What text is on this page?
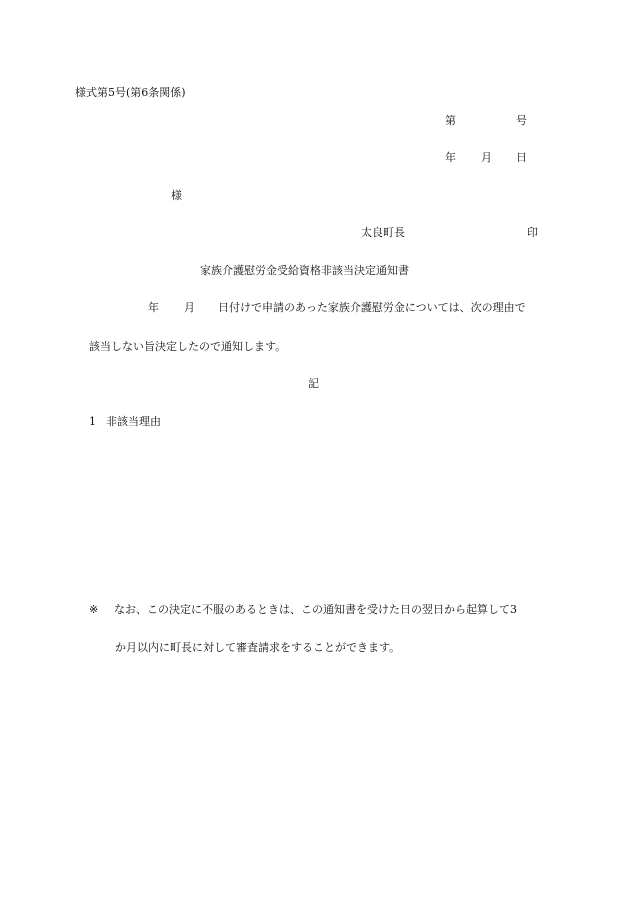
様式第5号(第6条関係)
第	号
年 月 日
様
太良町長	印
家族介護慰労金受給資格非該当決定通知書
年 月 日付けで申請のあった家族介護慰労金については、次の理由で
該当しない旨決定したので通知します。
記
1 非該当理由
※ なお、この決定に不服のあるときは、この通知書を受けた日の翌日から起算して3
か月以内に町長に対して審査請求をすることができます。
